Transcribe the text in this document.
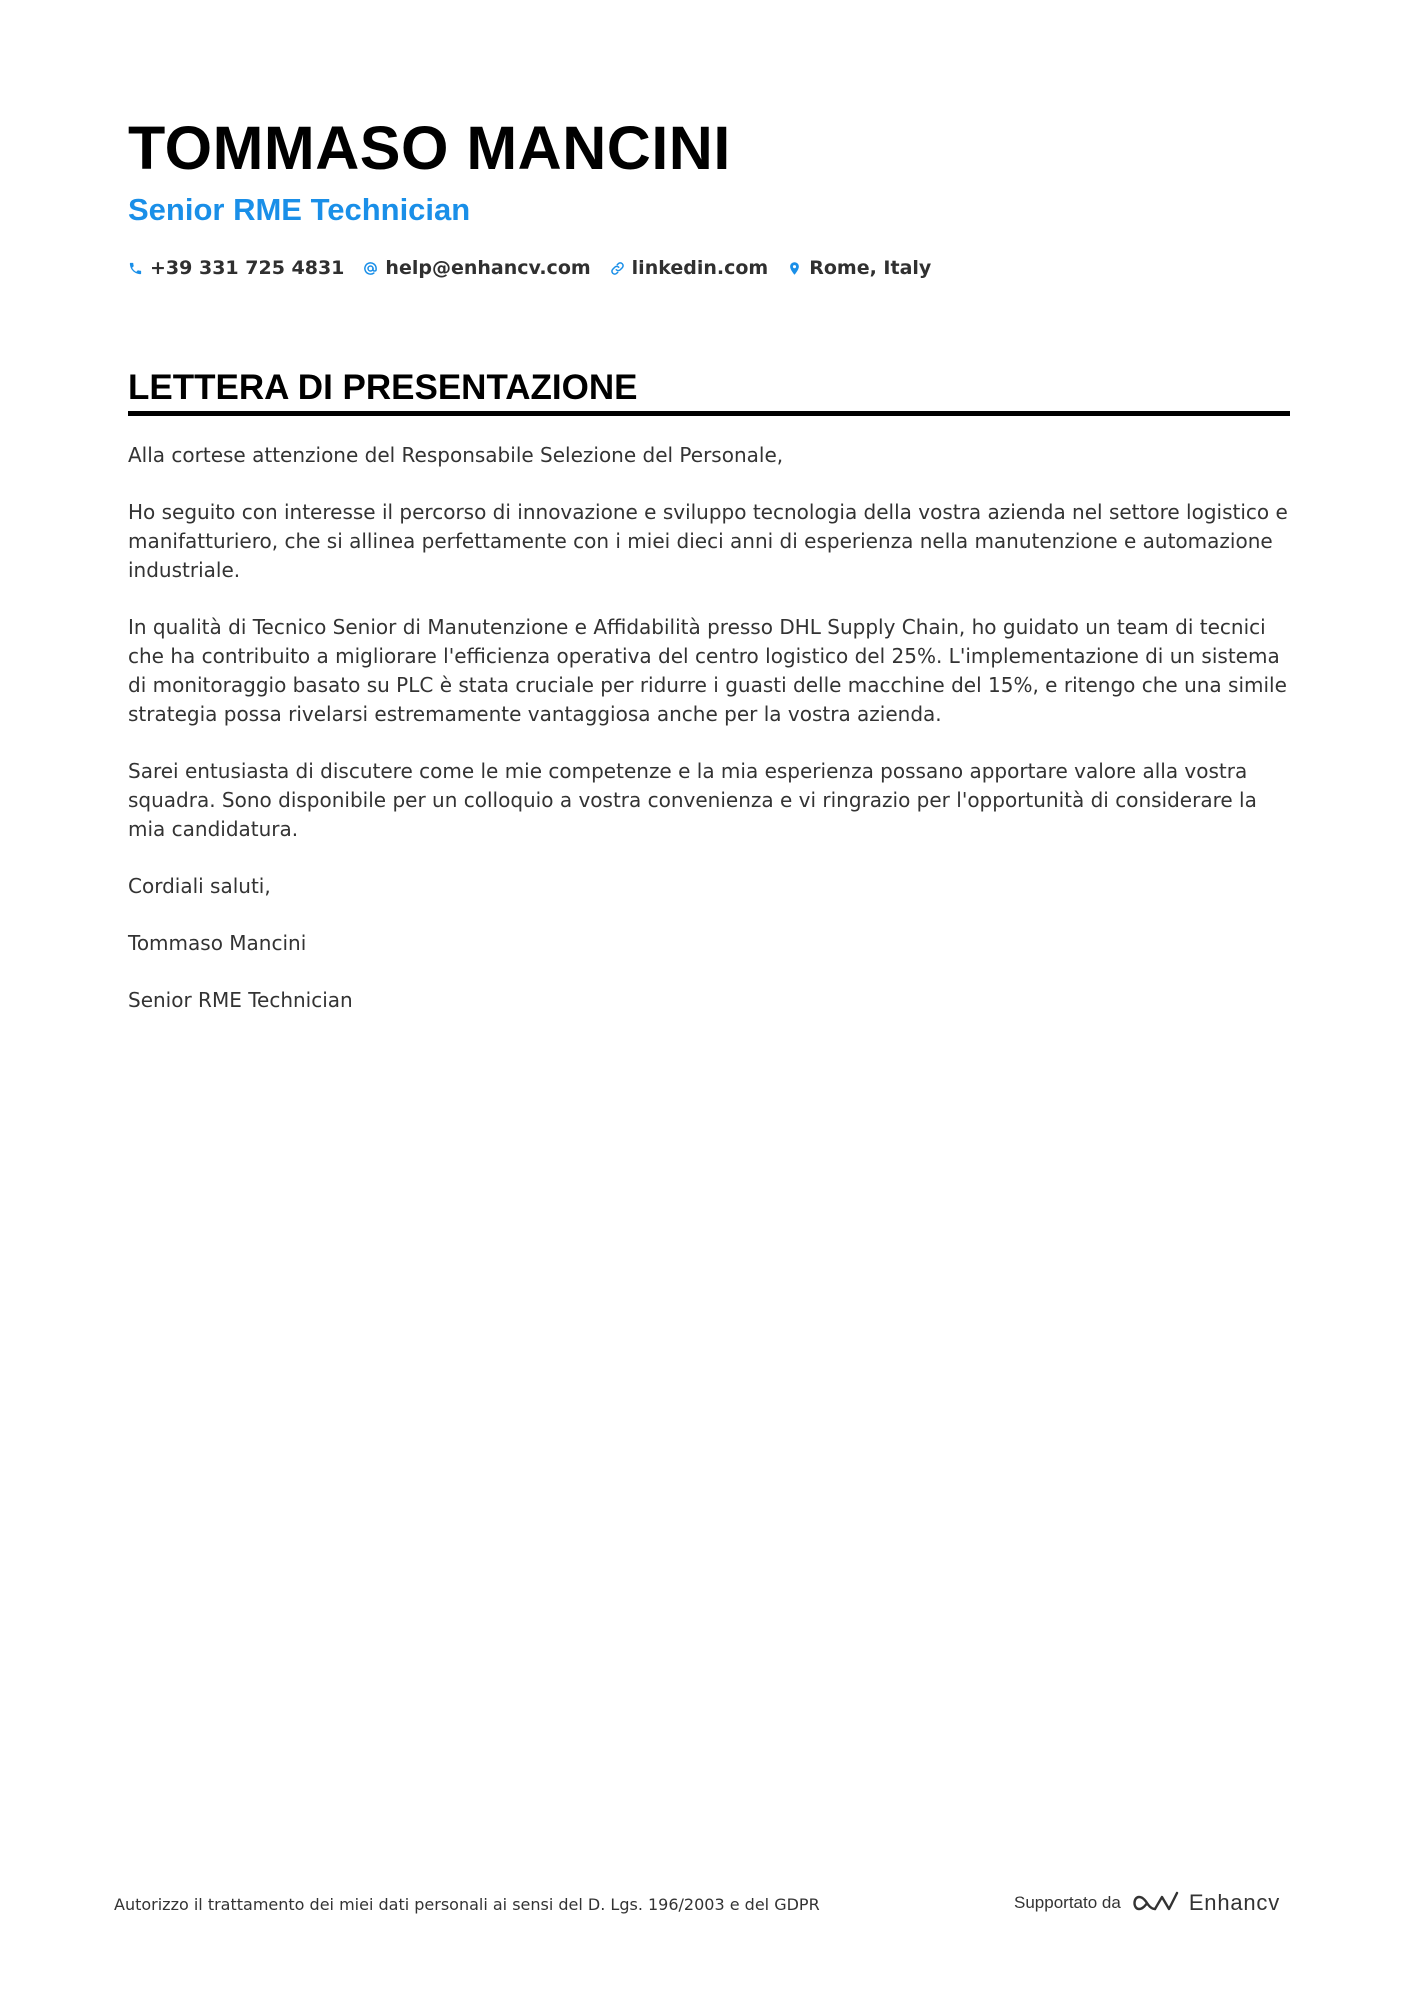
TOMMASO MANCINI
Senior RME Technician
+39 331 725 4831 help@enhancv.com linkedin.com Rome, Italy
LETTERA DI PRESENTAZIONE

Alla cortese attenzione del Responsabile Selezione del Personale,

Ho seguito con interesse il percorso di innovazione e sviluppo tecnologia della vostra azienda nel settore logistico e manifatturiero, che si allinea perfettamente con i miei dieci anni di esperienza nella manutenzione e automazione industriale.

In qualità di Tecnico Senior di Manutenzione e Affidabilità presso DHL Supply Chain, ho guidato un team di tecnici che ha contribuito a migliorare l'efficienza operativa del centro logistico del 25%. L'implementazione di un sistema di monitoraggio basato su PLC è stata cruciale per ridurre i guasti delle macchine del 15%, e ritengo che una simile strategia possa rivelarsi estremamente vantaggiosa anche per la vostra azienda.

Sarei entusiasta di discutere come le mie competenze e la mia esperienza possano apportare valore alla vostra squadra. Sono disponibile per un colloquio a vostra convenienza e vi ringrazio per l'opportunità di considerare la mia candidatura.

Cordiali saluti,

Tommaso Mancini

Senior RME Technician

Autorizzo il trattamento dei miei dati personali ai sensi del D. Lgs. 196/2003 e del GDPR	Supportato da	Enhancv
